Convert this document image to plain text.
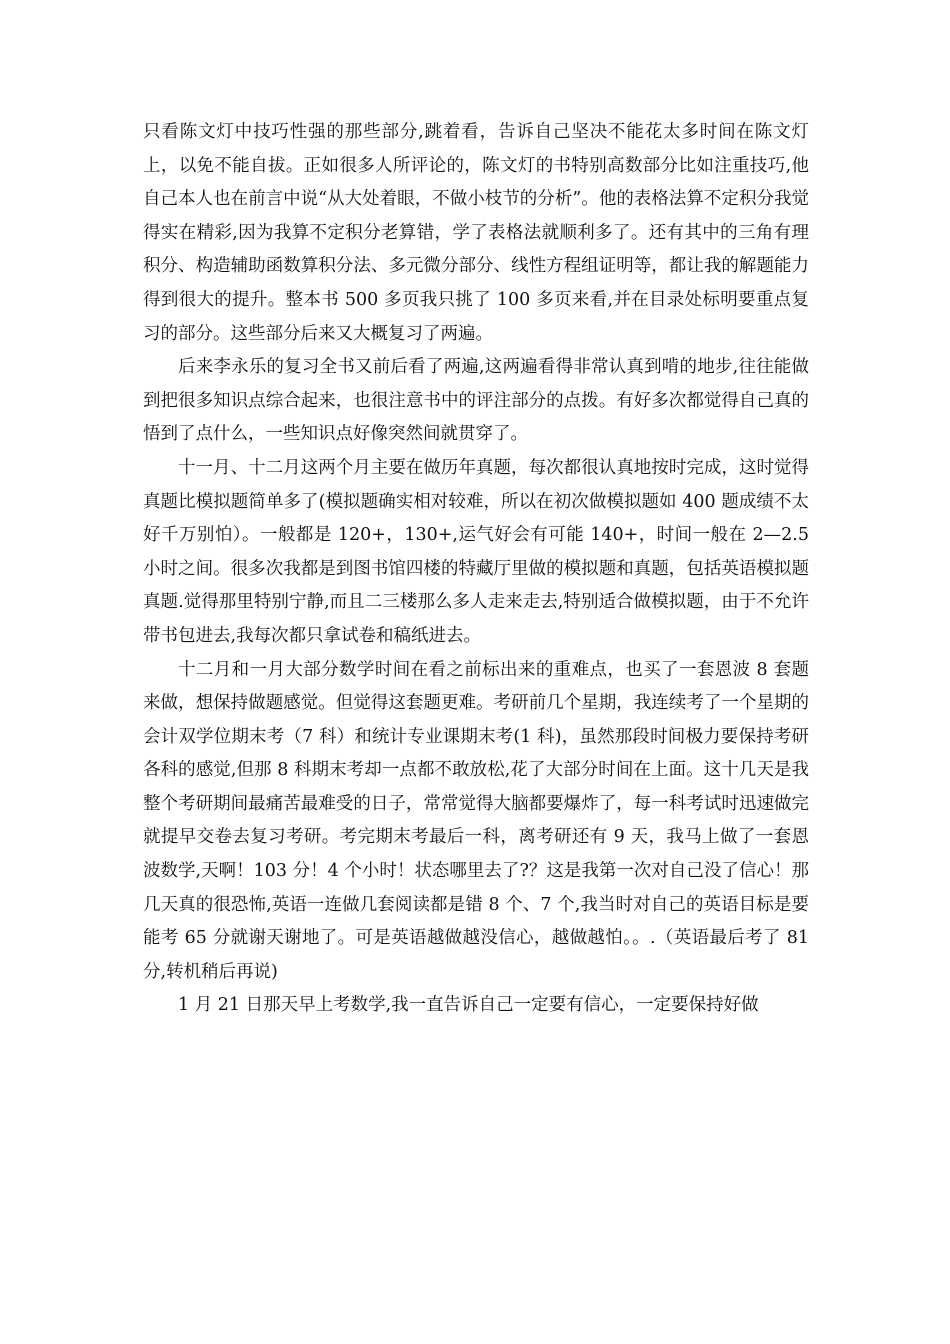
只看陈文灯中技巧性强的那些部分,跳着看，告诉自己坚决不能花太多时间在陈文灯上，以免不能自拔。正如很多人所评论的，陈文灯的书特别高数部分比如注重技巧,他自己本人也在前言中说“从大处着眼，不做小枝节的分析”。他的表格法算不定积分我觉得实在精彩,因为我算不定积分老算错，学了表格法就顺利多了。还有其中的三角有理积分、构造辅助函数算积分法、多元微分部分、线性方程组证明等，都让我的解题能力得到很大的提升。整本书 500 多页我只挑了 100 多页来看,并在目录处标明要重点复习的部分。这些部分后来又大概复习了两遍。

后来李永乐的复习全书又前后看了两遍,这两遍看得非常认真到啃的地步,往往能做到把很多知识点综合起来，也很注意书中的评注部分的点拨。有好多次都觉得自己真的悟到了点什么，一些知识点好像突然间就贯穿了。

十一月、十二月这两个月主要在做历年真题，每次都很认真地按时完成，这时觉得真题比模拟题简单多了(模拟题确实相对较难，所以在初次做模拟题如 400 题成绩不太好千万别怕）。一般都是 120+，130+,运气好会有可能 140+，时间一般在 2—2.5 小时之间。很多次我都是到图书馆四楼的特藏厅里做的模拟题和真题，包括英语模拟题真题.觉得那里特别宁静,而且二三楼那么多人走来走去,特别适合做模拟题，由于不允许带书包进去,我每次都只拿试卷和稿纸进去。

十二月和一月大部分数学时间在看之前标出来的重难点，也买了一套恩波 8 套题来做，想保持做题感觉。但觉得这套题更难。考研前几个星期，我连续考了一个星期的会计双学位期末考（7 科）和统计专业课期末考(1 科)，虽然那段时间极力要保持考研各科的感觉,但那 8 科期末考却一点都不敢放松,花了大部分时间在上面。这十几天是我整个考研期间最痛苦最难受的日子，常常觉得大脑都要爆炸了，每一科考试时迅速做完就提早交卷去复习考研。考完期末考最后一科，离考研还有 9 天，我马上做了一套恩波数学,天啊！103 分！4 个小时！状态哪里去了?？这是我第一次对自己没了信心！那几天真的很恐怖,英语一连做几套阅读都是错 8 个、7 个,我当时对自己的英语目标是要能考 65 分就谢天谢地了。可是英语越做越没信心，越做越怕。。.（英语最后考了 81 分,转机稍后再说)

1 月 21 日那天早上考数学,我一直告诉自己一定要有信心，一定要保持好做
